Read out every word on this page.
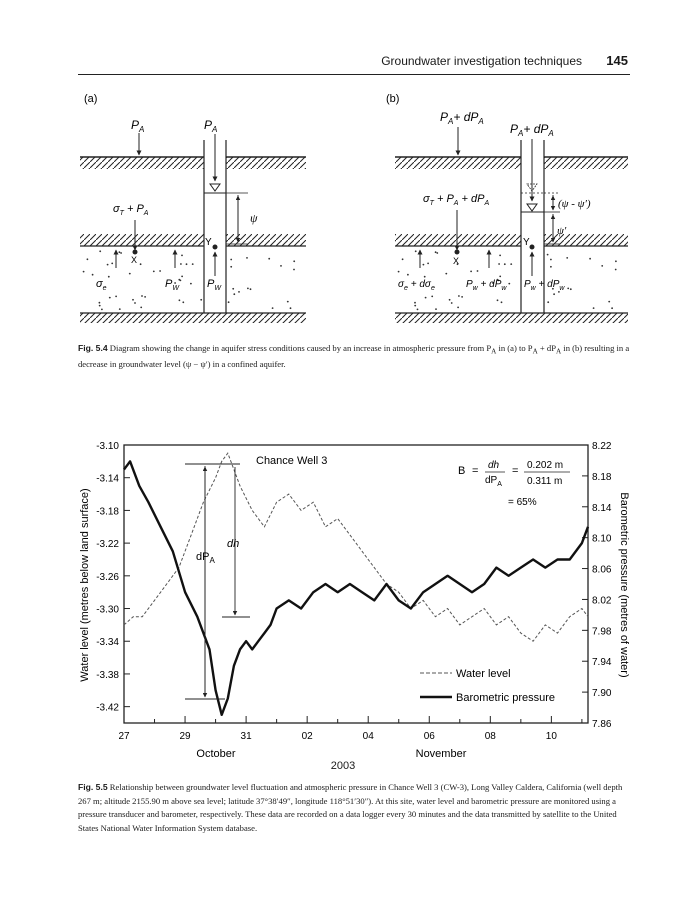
Groundwater investigation techniques 145
(a)	(b)
ψ
$P_A$	$P_A$
$\sigma_T + P_A$
X
Y
$\sigma_e$	$P_W$	$P_W$
(ψ - ψ′)
ψ′
$P_A+ dP_A$
$P_A+ dP_A$
$\sigma_T + P_A + dP_A$
X
Y
$\sigma_e + d\sigma_e$	$P_w + dP_w$ $P_w + dP_w$
Fig. 5.4 Diagram showing the change in aquifer stress conditions caused by an increase in atmospheric pressure from $P_A$ in (a) to $P_A + dP_A$ in (b) resulting in a decrease in groundwater level (ψ − ψ′) in a confined aquifer.
-3.10
-3.14
-3.18
-3.22
-3.26
-3.30
-3.34
-3.38
-3.42
8.22
8.18
8.14
8.10
8.06
8.02
7.98
7.94
7.90
7.86
27	29	31	02	04	06	08	10
Chance Well 3
$dP_A$
dh
B = dh
$dP_A$
= 0.202 m
0.311 m
= 65%
Water level
Barometric pressure
Water level (metres below land surface)	Barometric pressure (metres of water)
October	November
2003
Fig. 5.5 Relationship between groundwater level fluctuation and atmospheric pressure in Chance Well 3 (CW-3), Long Valley Caldera, California (well depth 267 m; altitude 2155.90 m above sea level; latitude 37°38′49″, longitude 118°51′30″). At this site, water level and barometric pressure are monitored using a pressure transducer and barometer, respectively. These data are recorded on a data logger every 30 minutes and the data transmitted by satellite to the United States National Water Information System database.
